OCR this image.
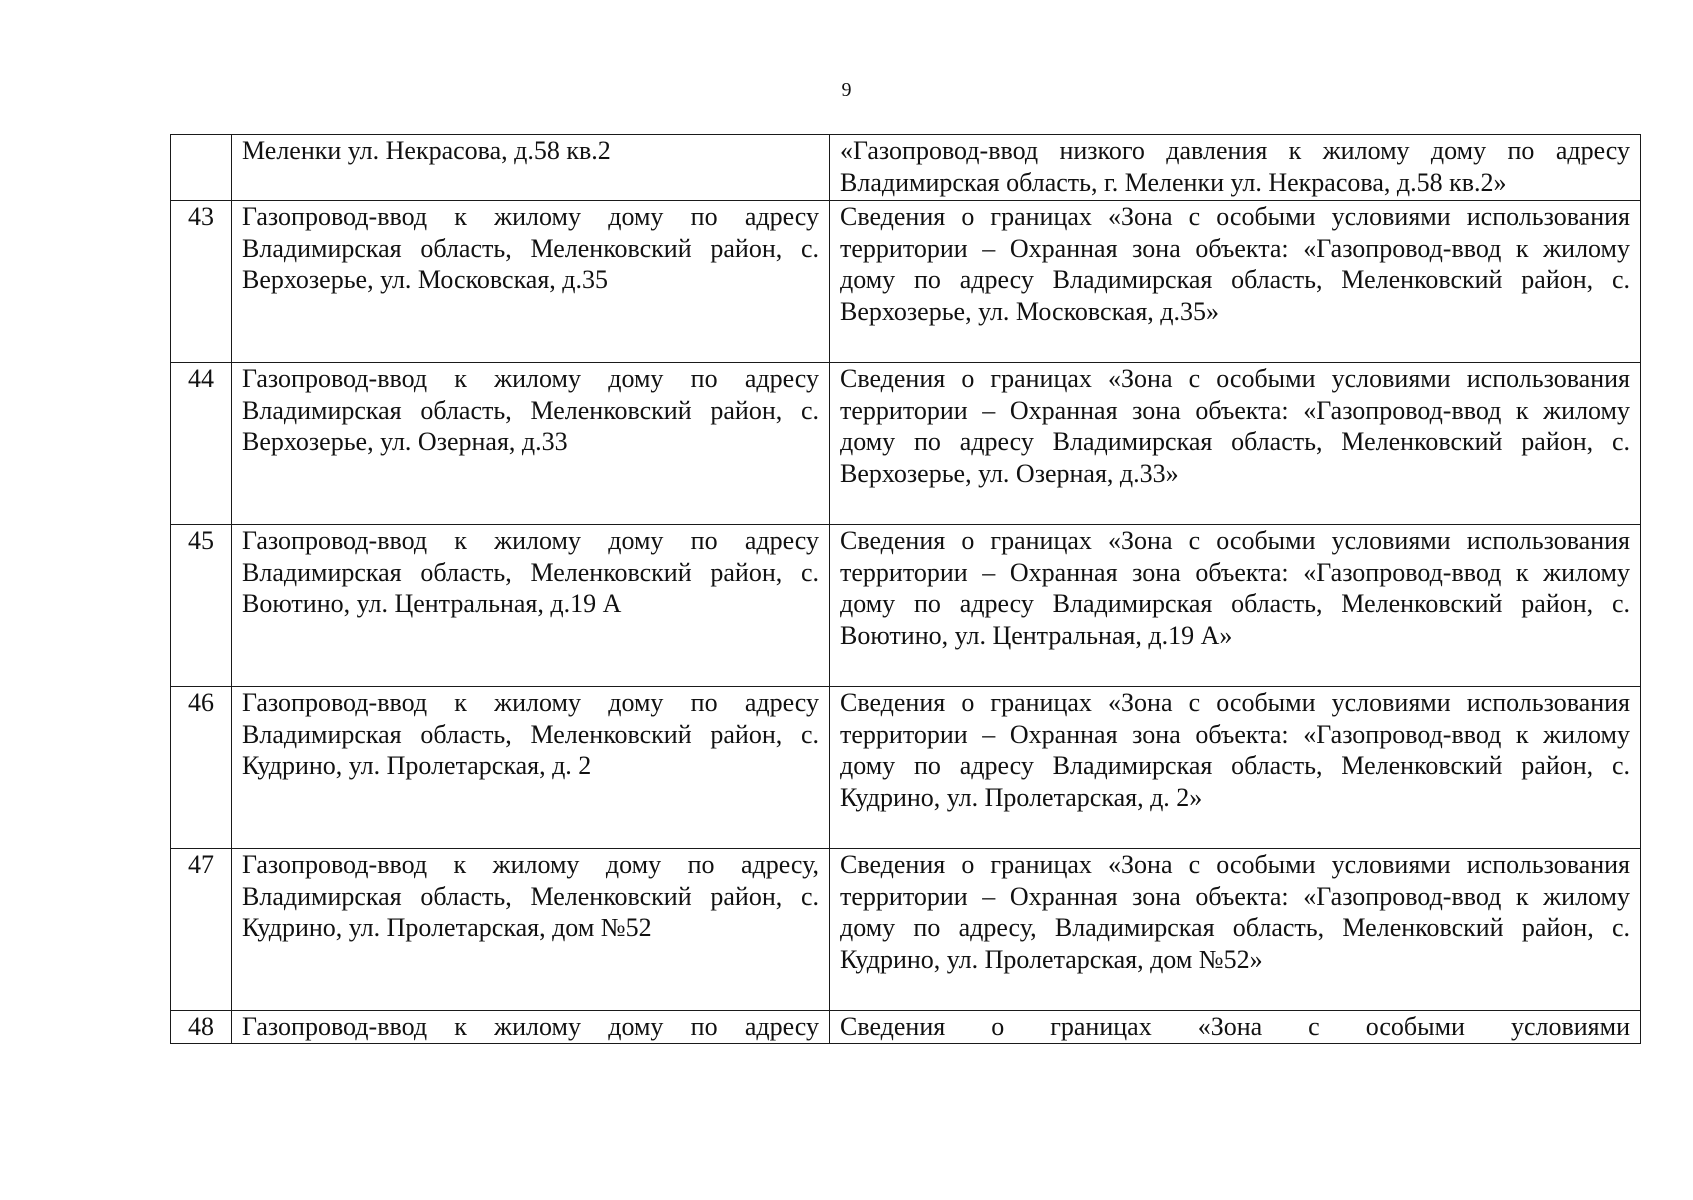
9
	Меленки ул. Некрасова, д.58 кв.2	«Газопровод-ввод низкого давления к жилому дому по адресу Владимирская область, г. Меленки ул. Некрасова, д.58 кв.2»
43	Газопровод-ввод к жилому дому по адресу Владимирская область, Меленковский район, с. Верхозерье, ул. Московская, д.35	Сведения о границах «Зона с особыми условиями использования территории – Охранная зона объекта: «Газопровод-ввод к жилому дому по адресу Владимирская область, Меленковский район, с. Верхозерье, ул. Московская, д.35»
44	Газопровод-ввод к жилому дому по адресу Владимирская область, Меленковский район, с. Верхозерье, ул. Озерная, д.33	Сведения о границах «Зона с особыми условиями использования территории – Охранная зона объекта: «Газопровод-ввод к жилому дому по адресу Владимирская область, Меленковский район, с. Верхозерье, ул. Озерная, д.33»
45	Газопровод-ввод к жилому дому по адресу Владимирская область, Меленковский район, с. Воютино, ул. Центральная, д.19 А	Сведения о границах «Зона с особыми условиями использования территории – Охранная зона объекта: «Газопровод-ввод к жилому дому по адресу Владимирская область, Меленковский район, с. Воютино, ул. Центральная, д.19 А»
46	Газопровод-ввод к жилому дому по адресу Владимирская область, Меленковский район, с. Кудрино, ул. Пролетарская, д. 2	Сведения о границах «Зона с особыми условиями использования территории – Охранная зона объекта: «Газопровод-ввод к жилому дому по адресу Владимирская область, Меленковский район, с. Кудрино, ул. Пролетарская, д. 2»
47	Газопровод-ввод к жилому дому по адресу, Владимирская область, Меленковский район, с. Кудрино, ул. Пролетарская, дом №52	Сведения о границах «Зона с особыми условиями использования территории – Охранная зона объекта: «Газопровод-ввод к жилому дому по адресу, Владимирская область, Меленковский район, с. Кудрино, ул. Пролетарская, дом №52»
48	Газопровод-ввод к жилому дому по адресу	Сведения о границах «Зона с особыми условиями
